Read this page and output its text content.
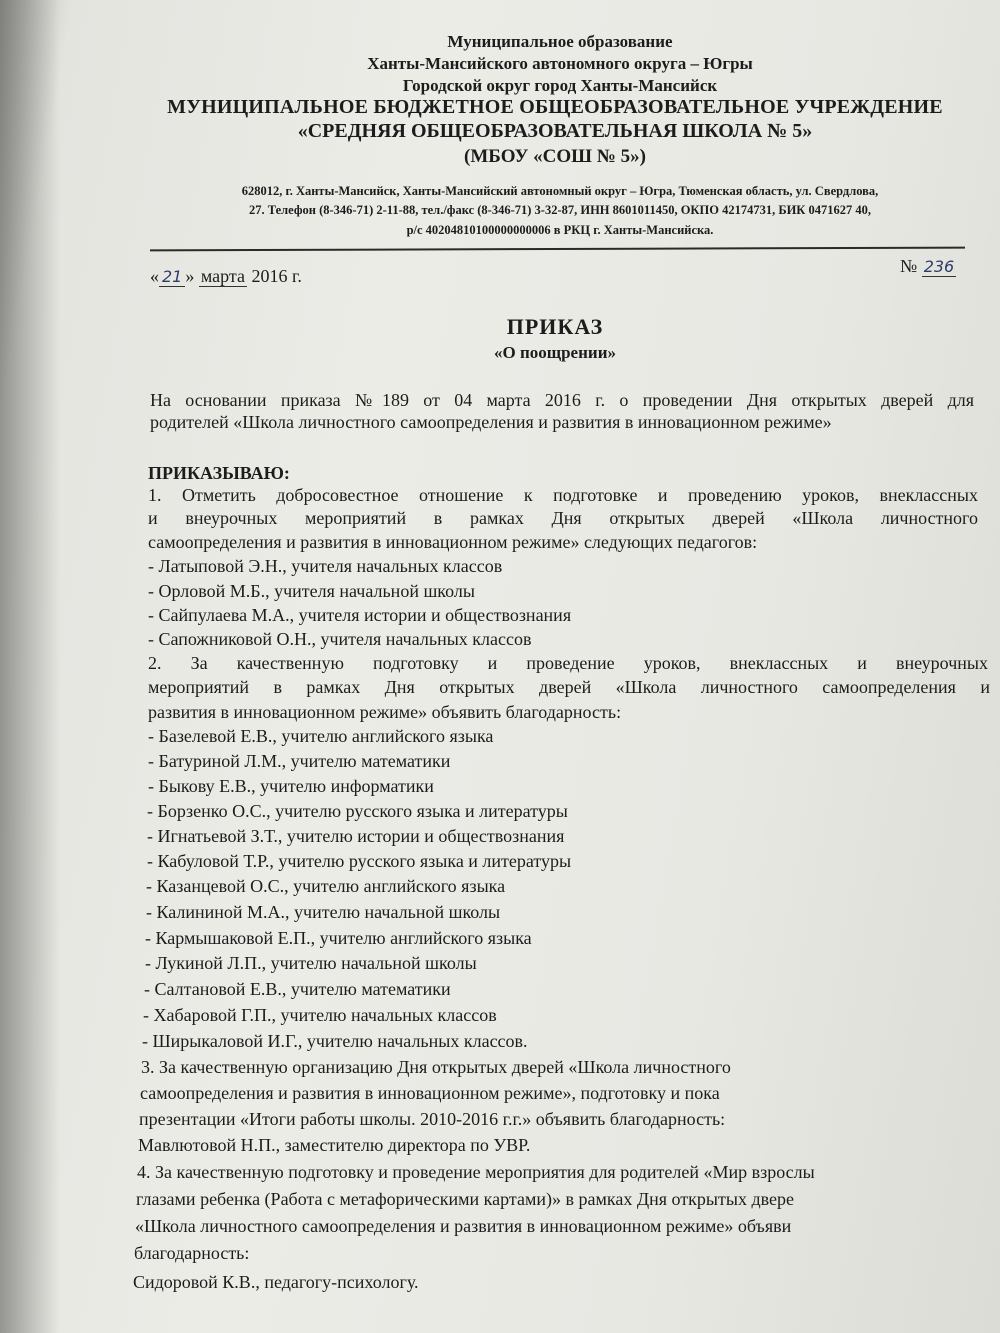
Муниципальное образование
Ханты-Мансийского автономного округа – Югры
Городской округ город Ханты-Мансийск
МУНИЦИПАЛЬНОЕ БЮДЖЕТНОЕ ОБЩЕОБРАЗОВАТЕЛЬНОЕ УЧРЕЖДЕНИЕ
«СРЕДНЯЯ ОБЩЕОБРАЗОВАТЕЛЬНАЯ ШКОЛА № 5»
(МБОУ «СОШ № 5»)
628012, г. Ханты-Мансийск, Ханты-Мансийский автономный округ – Югра, Тюменская область, ул. Свердлова,
27. Телефон (8-346-71) 2-11-88, тел./факс (8-346-71) 3-32-87, ИНН 8601011450, ОКПО 42174731, БИК 0471627 40,
р/с 40204810100000000006 в РКЦ г. Ханты-Мансийска.
« 21 » марта 2016 г.	№ 236
ПРИКАЗ
«О поощрении»
На основании приказа №189 от 04 марта 2016 г. о проведении Дня открытых дверей для
родителей «Школа личностного самоопределения и развития в инновационном режиме»
ПРИКАЗЫВАЮ:
1. Отметить добросовестное отношение к подготовке и проведению уроков, внеклассных
и внеурочных мероприятий в рамках Дня открытых дверей «Школа личностного
самоопределения и развития в инновационном режиме» следующих педагогов:
- Латыповой Э.Н., учителя начальных классов
- Орловой М.Б., учителя начальной школы
- Сайпулаева М.А., учителя истории и обществознания
- Сапожниковой О.Н., учителя начальных классов
2. За качественную подготовку и проведение уроков, внеклассных и внеурочных
мероприятий в рамках Дня открытых дверей «Школа личностного самоопределения и
развития в инновационном режиме» объявить благодарность:
- Базелевой Е.В., учителю английского языка
- Батуриной Л.М., учителю математики
- Быкову Е.В., учителю информатики
- Борзенко О.С., учителю русского языка и литературы
- Игнатьевой З.Т., учителю истории и обществознания
- Кабуловой Т.Р., учителю русского языка и литературы
- Казанцевой О.С., учителю английского языка
- Калининой М.А., учителю начальной школы
- Кармышаковой Е.П., учителю английского языка
- Лукиной Л.П., учителю начальной школы
- Салтановой Е.В., учителю математики
- Хабаровой Г.П., учителю начальных классов
- Ширыкаловой И.Г., учителю начальных классов.
3. За качественную организацию Дня открытых дверей «Школа личностного
самоопределения и развития в инновационном режиме», подготовку и пока
презентации «Итоги работы школы. 2010-2016 г.г.» объявить благодарность:
Мавлютовой Н.П., заместителю директора по УВР.
4. За качественную подготовку и проведение мероприятия для родителей «Мир взрослы
глазами ребенка (Работа с метафорическими картами)» в рамках Дня открытых двере
«Школа личностного самоопределения и развития в инновационном режиме» объяви
благодарность:
Сидоровой К.В., педагогу-психологу.
